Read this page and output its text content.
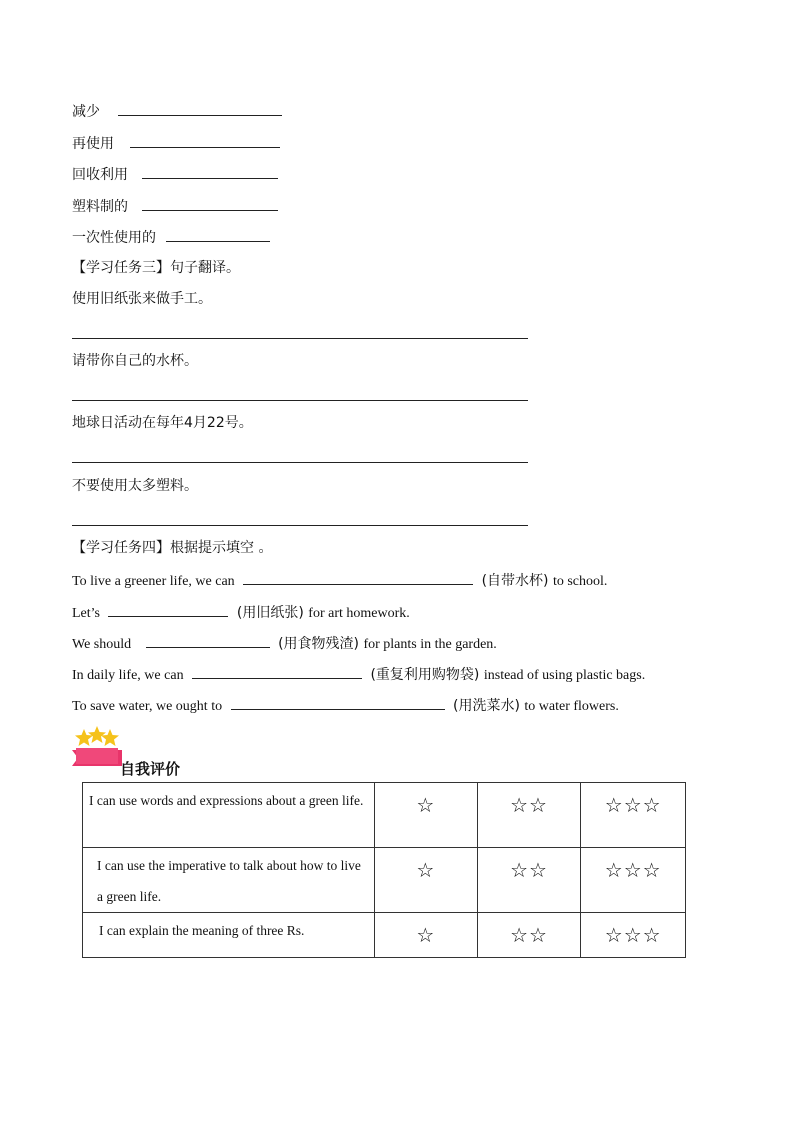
减少
再使用
回收利用
塑料制的
一次性使用的
【学习任务三】句子翻译。
使用旧纸张来做手工。
请带你自己的水杯。
地球日活动在每年4月22号。
不要使用太多塑料。
【学习任务四】根据提示填空 。
To live a greener life, we can	(自带水杯) to school.
Let’s	(用旧纸张) for art homework.
We should	(用食物残渣) for plants in the garden.
In daily life, we can	(重复利用购物袋) instead of using plastic bags.
To save water, we ought to	(用洗菜水) to water flowers.
自我评价
I can use words and expressions about a green life.	☆	☆☆	☆☆☆
I can use the imperative to talk about how to live a green life.	☆	☆☆	☆☆☆
I can explain the meaning of three Rs.	☆	☆☆	☆☆☆
